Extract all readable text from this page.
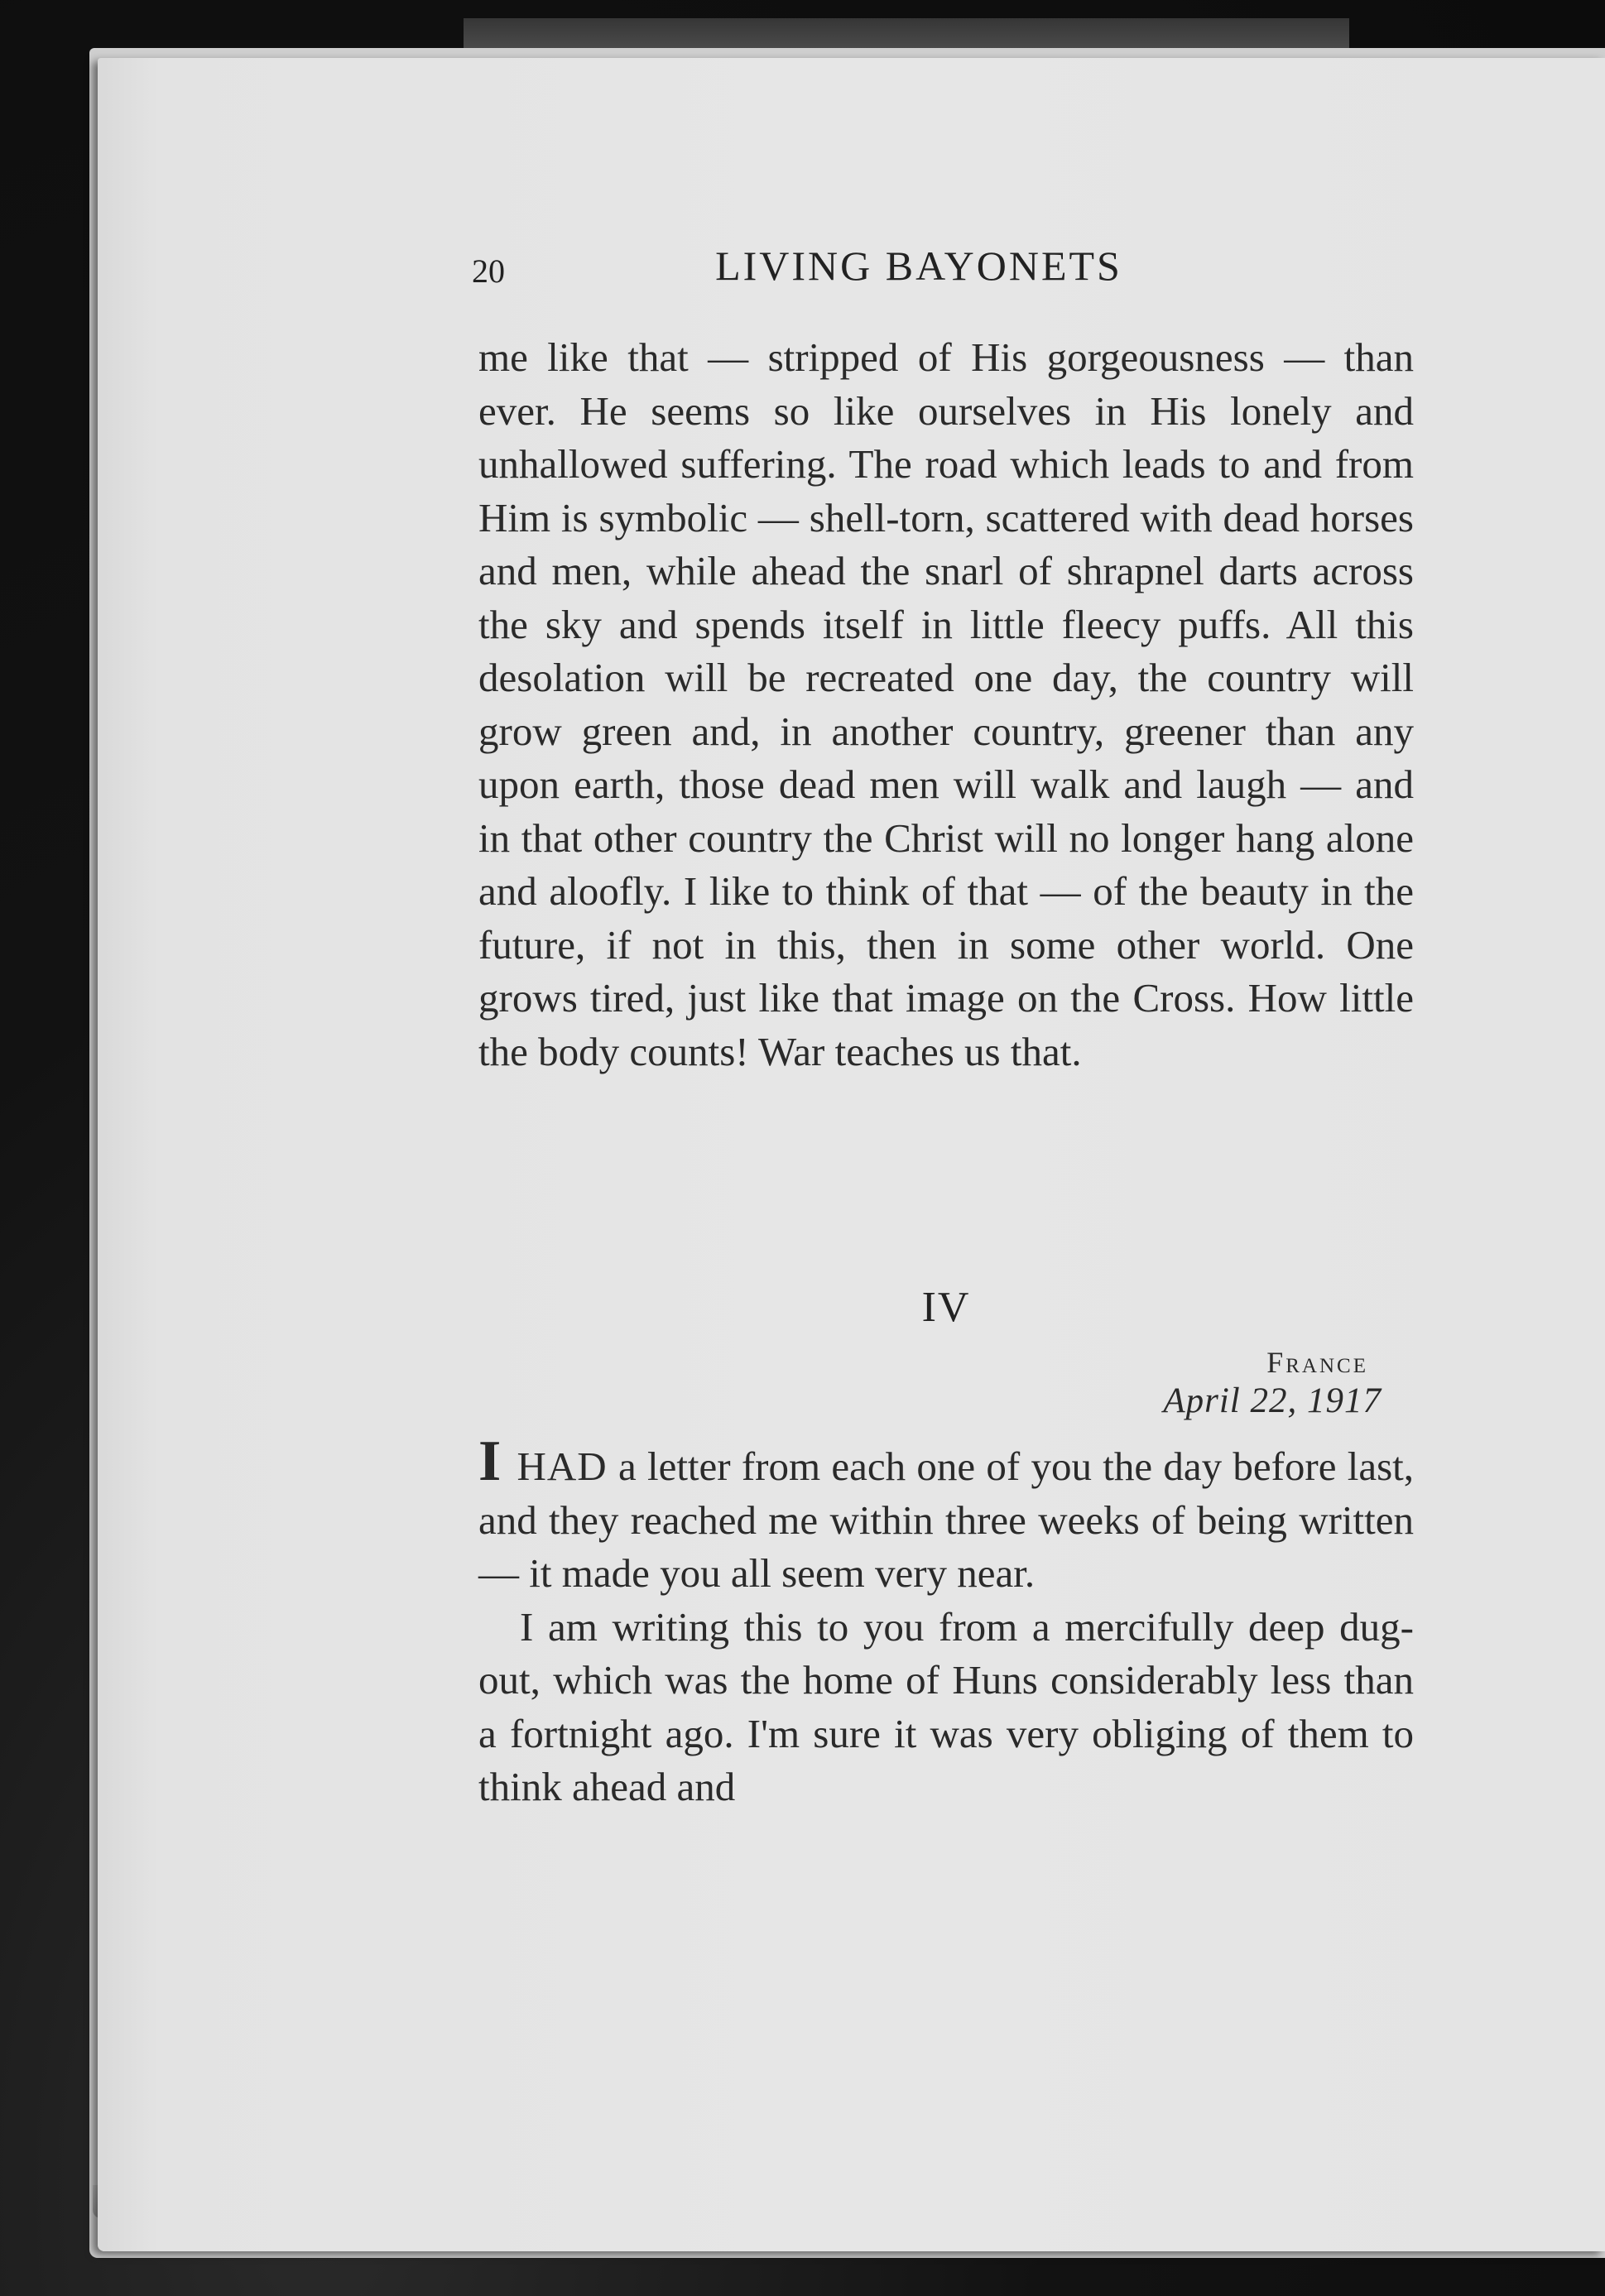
20	LIVING BAYONETS

me like that — stripped of His gorgeousness — than ever. He seems so like ourselves in His lonely and unhallowed suffering. The road which leads to and from Him is symbolic — shell-torn, scattered with dead horses and men, while ahead the snarl of shrapnel darts across the sky and spends itself in little fleecy puffs. All this desolation will be recreated one day, the country will grow green and, in another country, greener than any upon earth, those dead men will walk and laugh — and in that other country the Christ will no longer hang alone and aloofly. I like to think of that — of the beauty in the future, if not in this, then in some other world. One grows tired, just like that image on the Cross. How little the body counts! War teaches us that.

IV
France
April 22, 1917

I HAD a letter from each one of you the day before last, and they reached me within three weeks of being written — it made you all seem very near.

I am writing this to you from a mercifully deep dug-out, which was the home of Huns considerably less than a fortnight ago. I'm sure it was very obliging of them to think ahead and
